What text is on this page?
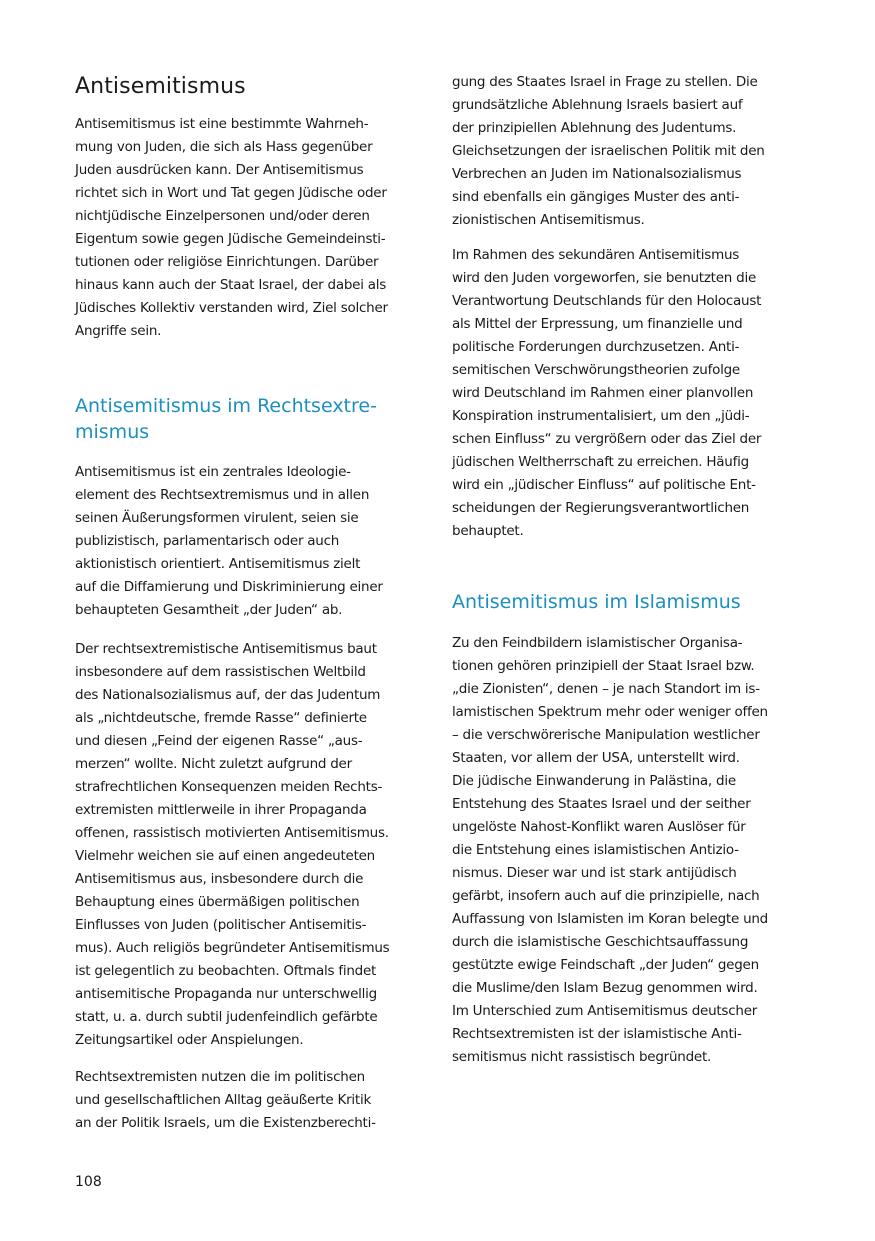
Antisemitismus

Antisemitismus ist eine bestimmte Wahrneh-
mung von Juden, die sich als Hass gegenüber
Juden ausdrücken kann. Der Antisemitismus
richtet sich in Wort und Tat gegen Jüdische oder
nichtjüdische Einzelpersonen und/oder deren
Eigentum sowie gegen Jüdische Gemeindeinsti-
tutionen oder religiöse Einrichtungen. Darüber
hinaus kann auch der Staat Israel, der dabei als
Jüdisches Kollektiv verstanden wird, Ziel solcher
Angriffe sein.

Antisemitismus im Rechtsextre-
mismus

Antisemitismus ist ein zentrales Ideologie-
element des Rechtsextremismus und in allen
seinen Äußerungsformen virulent, seien sie
publizistisch, parlamentarisch oder auch
aktionistisch orientiert. Antisemitismus zielt
auf die Diffamierung und Diskriminierung einer
behaupteten Gesamtheit „der Juden“ ab.

Der rechtsextremistische Antisemitismus baut
insbesondere auf dem rassistischen Weltbild
des Nationalsozialismus auf, der das Judentum
als „nichtdeutsche, fremde Rasse“ definierte
und diesen „Feind der eigenen Rasse“ „aus-
merzen“ wollte. Nicht zuletzt aufgrund der
strafrechtlichen Konsequenzen meiden Rechts-
extremisten mittlerweile in ihrer Propaganda
offenen, rassistisch motivierten Antisemitismus.
Vielmehr weichen sie auf einen angedeuteten
Antisemitismus aus, insbesondere durch die
Behauptung eines übermäßigen politischen
Einflusses von Juden (politischer Antisemitis-
mus). Auch religiös begründeter Antisemitismus
ist gelegentlich zu beobachten. Oftmals findet
antisemitische Propaganda nur unterschwellig
statt, u. a. durch subtil judenfeindlich gefärbte
Zeitungsartikel oder Anspielungen.

Rechtsextremisten nutzen die im politischen
und gesellschaftlichen Alltag geäußerte Kritik
an der Politik Israels, um die Existenzberechti-

gung des Staates Israel in Frage zu stellen. Die
grundsätzliche Ablehnung Israels basiert auf
der prinzipiellen Ablehnung des Judentums.
Gleichsetzungen der israelischen Politik mit den
Verbrechen an Juden im Nationalsozialismus
sind ebenfalls ein gängiges Muster des anti-
zionistischen Antisemitismus.

Im Rahmen des sekundären Antisemitismus
wird den Juden vorgeworfen, sie benutzten die
Verantwortung Deutschlands für den Holocaust
als Mittel der Erpressung, um finanzielle und
politische Forderungen durchzusetzen. Anti-
semitischen Verschwörungstheorien zufolge
wird Deutschland im Rahmen einer planvollen
Konspiration instrumentalisiert, um den „jüdi-
schen Einfluss“ zu vergrößern oder das Ziel der
jüdischen Weltherrschaft zu erreichen. Häufig
wird ein „jüdischer Einfluss“ auf politische Ent-
scheidungen der Regierungsverantwortlichen
behauptet.

Antisemitismus im Islamismus

Zu den Feindbildern islamistischer Organisa-
tionen gehören prinzipiell der Staat Israel bzw.
„die Zionisten“, denen – je nach Standort im is-
lamistischen Spektrum mehr oder weniger offen
– die verschwörerische Manipulation westlicher
Staaten, vor allem der USA, unterstellt wird.
Die jüdische Einwanderung in Palästina, die
Entstehung des Staates Israel und der seither
ungelöste Nahost-Konflikt waren Auslöser für
die Entstehung eines islamistischen Antizio-
nismus. Dieser war und ist stark antijüdisch
gefärbt, insofern auch auf die prinzipielle, nach
Auffassung von Islamisten im Koran belegte und
durch die islamistische Geschichtsauffassung
gestützte ewige Feindschaft „der Juden“ gegen
die Muslime/den Islam Bezug genommen wird.
Im Unterschied zum Antisemitismus deutscher
Rechtsextremisten ist der islamistische Anti-
semitismus nicht rassistisch begründet.

108
